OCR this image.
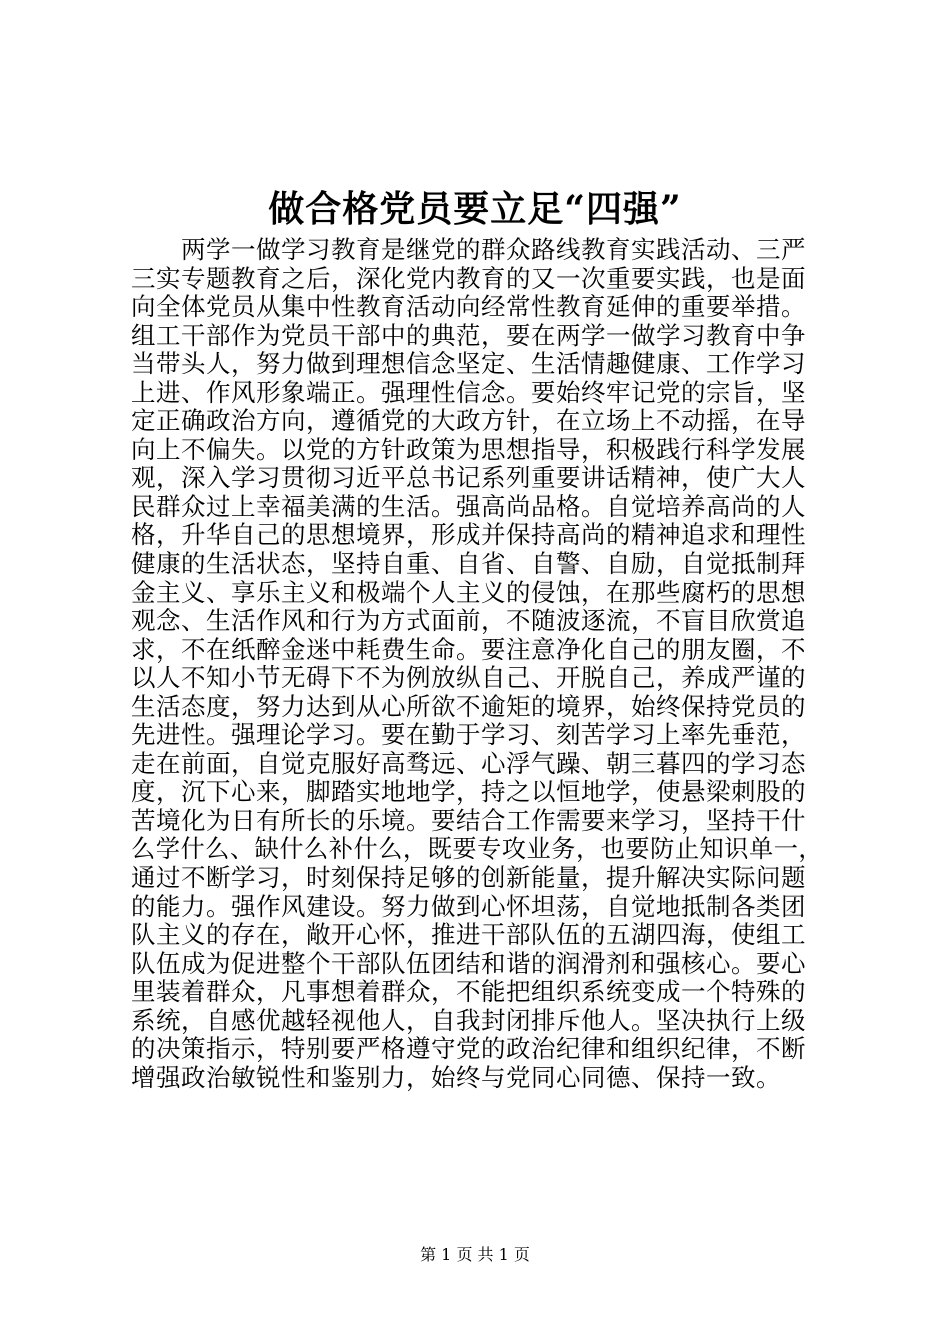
做合格党员要立足“四强”
　　两学一做学习教育是继党的群众路线教育实践活动、三严
三实专题教育之后，深化党内教育的又一次重要实践，也是面
向全体党员从集中性教育活动向经常性教育延伸的重要举措。
组工干部作为党员干部中的典范，要在两学一做学习教育中争
当带头人，努力做到理想信念坚定、生活情趣健康、工作学习
上进、作风形象端正。强理性信念。要始终牢记党的宗旨，坚
定正确政治方向，遵循党的大政方针，在立场上不动摇，在导
向上不偏失。以党的方针政策为思想指导，积极践行科学发展
观，深入学习贯彻习近平总书记系列重要讲话精神，使广大人
民群众过上幸福美满的生活。强高尚品格。自觉培养高尚的人
格，升华自己的思想境界，形成并保持高尚的精神追求和理性
健康的生活状态，坚持自重、自省、自警、自励，自觉抵制拜
金主义、享乐主义和极端个人主义的侵蚀，在那些腐朽的思想
观念、生活作风和行为方式面前，不随波逐流，不盲目欣赏追
求，不在纸醉金迷中耗费生命。要注意净化自己的朋友圈，不
以人不知小节无碍下不为例放纵自己、开脱自己，养成严谨的
生活态度，努力达到从心所欲不逾矩的境界，始终保持党员的
先进性。强理论学习。要在勤于学习、刻苦学习上率先垂范，
走在前面，自觉克服好高骛远、心浮气躁、朝三暮四的学习态
度，沉下心来，脚踏实地地学，持之以恒地学，使悬梁刺股的
苦境化为日有所长的乐境。要结合工作需要来学习，坚持干什
么学什么、缺什么补什么，既要专攻业务，也要防止知识单一，
通过不断学习，时刻保持足够的创新能量，提升解决实际问题
的能力。强作风建设。努力做到心怀坦荡，自觉地抵制各类团
队主义的存在，敞开心怀，推进干部队伍的五湖四海，使组工
队伍成为促进整个干部队伍团结和谐的润滑剂和强核心。要心
里装着群众，凡事想着群众，不能把组织系统变成一个特殊的
系统，自感优越轻视他人，自我封闭排斥他人。坚决执行上级
的决策指示，特别要严格遵守党的政治纪律和组织纪律，不断
增强政治敏锐性和鉴别力，始终与党同心同德、保持一致。
第 1 页 共 1 页
